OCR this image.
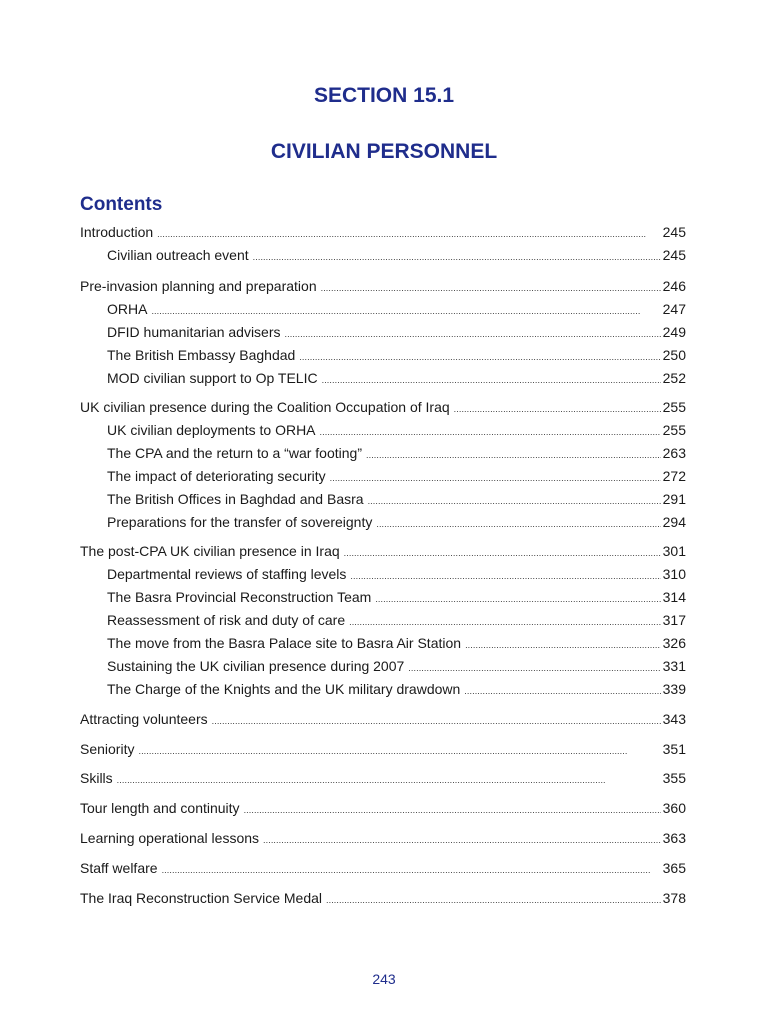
SECTION 15.1
CIVILIAN PERSONNEL
Contents
Introduction . . .	245
Civilian outreach event . . .	245
Pre-invasion planning and preparation . . .	246
ORHA . . .	247
DFID humanitarian advisers . . .	249
The British Embassy Baghdad . . .	250
MOD civilian support to Op TELIC . . .	252
UK civilian presence during the Coalition Occupation of Iraq . . .	255
UK civilian deployments to ORHA . . .	255
The CPA and the return to a “war footing” . . .	263
The impact of deteriorating security . . .	272
The British Offices in Baghdad and Basra . . .	291
Preparations for the transfer of sovereignty . . .	294
The post-CPA UK civilian presence in Iraq . . .	301
Departmental reviews of staffing levels . . .	310
The Basra Provincial Reconstruction Team . . .	314
Reassessment of risk and duty of care . . .	317
The move from the Basra Palace site to Basra Air Station . . .	326
Sustaining the UK civilian presence during 2007 . . .	331
The Charge of the Knights and the UK military drawdown . . .	339
Attracting volunteers . . .	343
Seniority . . .	351
Skills . . .	355
Tour length and continuity . . .	360
Learning operational lessons . . .	363
Staff welfare . . .	365
The Iraq Reconstruction Service Medal . . .	378
243
